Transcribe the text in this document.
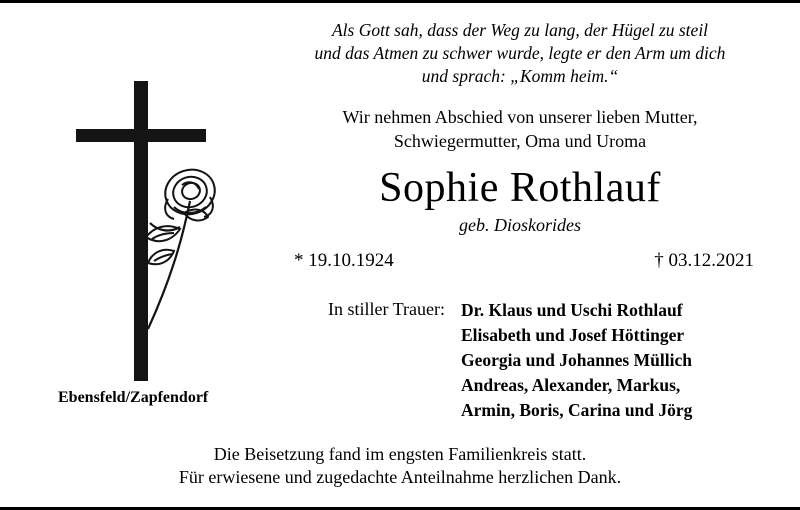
Als Gott sah, dass der Weg zu lang, der Hügel zu steil
und das Atmen zu schwer wurde, legte er den Arm um dich
und sprach: „Komm heim.“
Wir nehmen Abschied von unserer lieben Mutter,
Schwiegermutter, Oma und Uroma
Sophie Rothlauf
geb. Dioskorides
* 19.10.1924	† 03.12.2021
In stiller Trauer: Dr. Klaus und Uschi Rothlauf
Elisabeth und Josef Höttinger
Georgia und Johannes Müllich
Andreas, Alexander, Markus,
Armin, Boris, Carina und Jörg
Ebensfeld/Zapfendorf
Die Beisetzung fand im engsten Familienkreis statt.
Für erwiesene und zugedachte Anteilnahme herzlichen Dank.
